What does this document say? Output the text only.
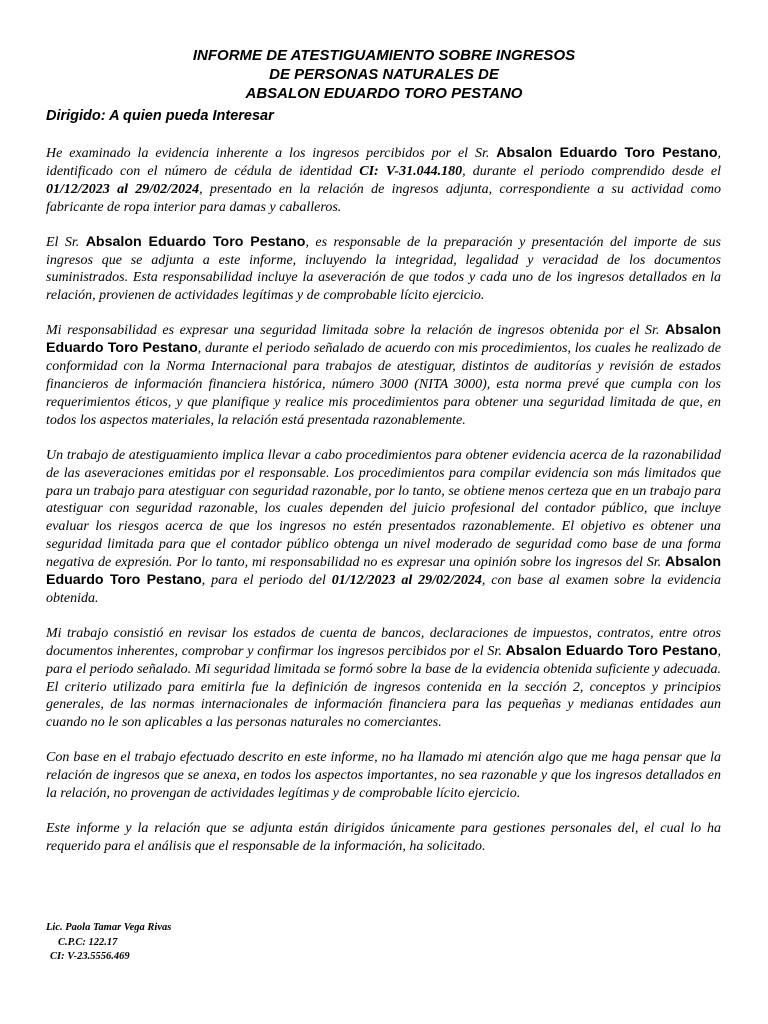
INFORME DE ATESTIGUAMIENTO SOBRE INGRESOS
DE PERSONAS NATURALES DE
ABSALON EDUARDO TORO PESTANO
Dirigido: A quien pueda Interesar

He examinado la evidencia inherente a los ingresos percibidos por el Sr. Absalon Eduardo Toro Pestano, identificado con el número de cédula de identidad CI: V-31.044.180, durante el periodo comprendido desde el 01/12/2023 al 29/02/2024, presentado en la relación de ingresos adjunta, correspondiente a su actividad como fabricante de ropa interior para damas y caballeros.

El Sr. Absalon Eduardo Toro Pestano, es responsable de la preparación y presentación del importe de sus ingresos que se adjunta a este informe, incluyendo la integridad, legalidad y veracidad de los documentos suministrados. Esta responsabilidad incluye la aseveración de que todos y cada uno de los ingresos detallados en la relación, provienen de actividades legítimas y de comprobable lícito ejercicio.

Mi responsabilidad es expresar una seguridad limitada sobre la relación de ingresos obtenida por el Sr. Absalon Eduardo Toro Pestano, durante el periodo señalado de acuerdo con mis procedimientos, los cuales he realizado de conformidad con la Norma Internacional para trabajos de atestiguar, distintos de auditorías y revisión de estados financieros de información financiera histórica, número 3000 (NITA 3000), esta norma prevé que cumpla con los requerimientos éticos, y que planifique y realice mis procedimientos para obtener una seguridad limitada de que, en todos los aspectos materiales, la relación está presentada razonablemente.

Un trabajo de atestiguamiento implica llevar a cabo procedimientos para obtener evidencia acerca de la razonabilidad de las aseveraciones emitidas por el responsable. Los procedimientos para compilar evidencia son más limitados que para un trabajo para atestiguar con seguridad razonable, por lo tanto, se obtiene menos certeza que en un trabajo para atestiguar con seguridad razonable, los cuales dependen del juicio profesional del contador público, que incluye evaluar los riesgos acerca de que los ingresos no estén presentados razonablemente. El objetivo es obtener una seguridad limitada para que el contador público obtenga un nivel moderado de seguridad como base de una forma negativa de expresión. Por lo tanto, mi responsabilidad no es expresar una opinión sobre los ingresos del Sr. Absalon Eduardo Toro Pestano, para el periodo del 01/12/2023 al 29/02/2024, con base al examen sobre la evidencia obtenida.

Mi trabajo consistió en revisar los estados de cuenta de bancos, declaraciones de impuestos, contratos, entre otros documentos inherentes, comprobar y confirmar los ingresos percibidos por el Sr. Absalon Eduardo Toro Pestano, para el periodo señalado. Mi seguridad limitada se formó sobre la base de la evidencia obtenida suficiente y adecuada. El criterio utilizado para emitirla fue la definición de ingresos contenida en la sección 2, conceptos y principios generales, de las normas internacionales de información financiera para las pequeñas y medianas entidades aun cuando no le son aplicables a las personas naturales no comerciantes.

Con base en el trabajo efectuado descrito en este informe, no ha llamado mi atención algo que me haga pensar que la relación de ingresos que se anexa, en todos los aspectos importantes, no sea razonable y que los ingresos detallados en la relación, no provengan de actividades legítimas y de comprobable lícito ejercicio.

Este informe y la relación que se adjunta están dirigidos únicamente para gestiones personales del, el cual lo ha requerido para el análisis que el responsable de la información, ha solicitado.

Lic. Paola Tamar Vega Rivas
C.P.C: 122.17
CI: V-23.5556.469
